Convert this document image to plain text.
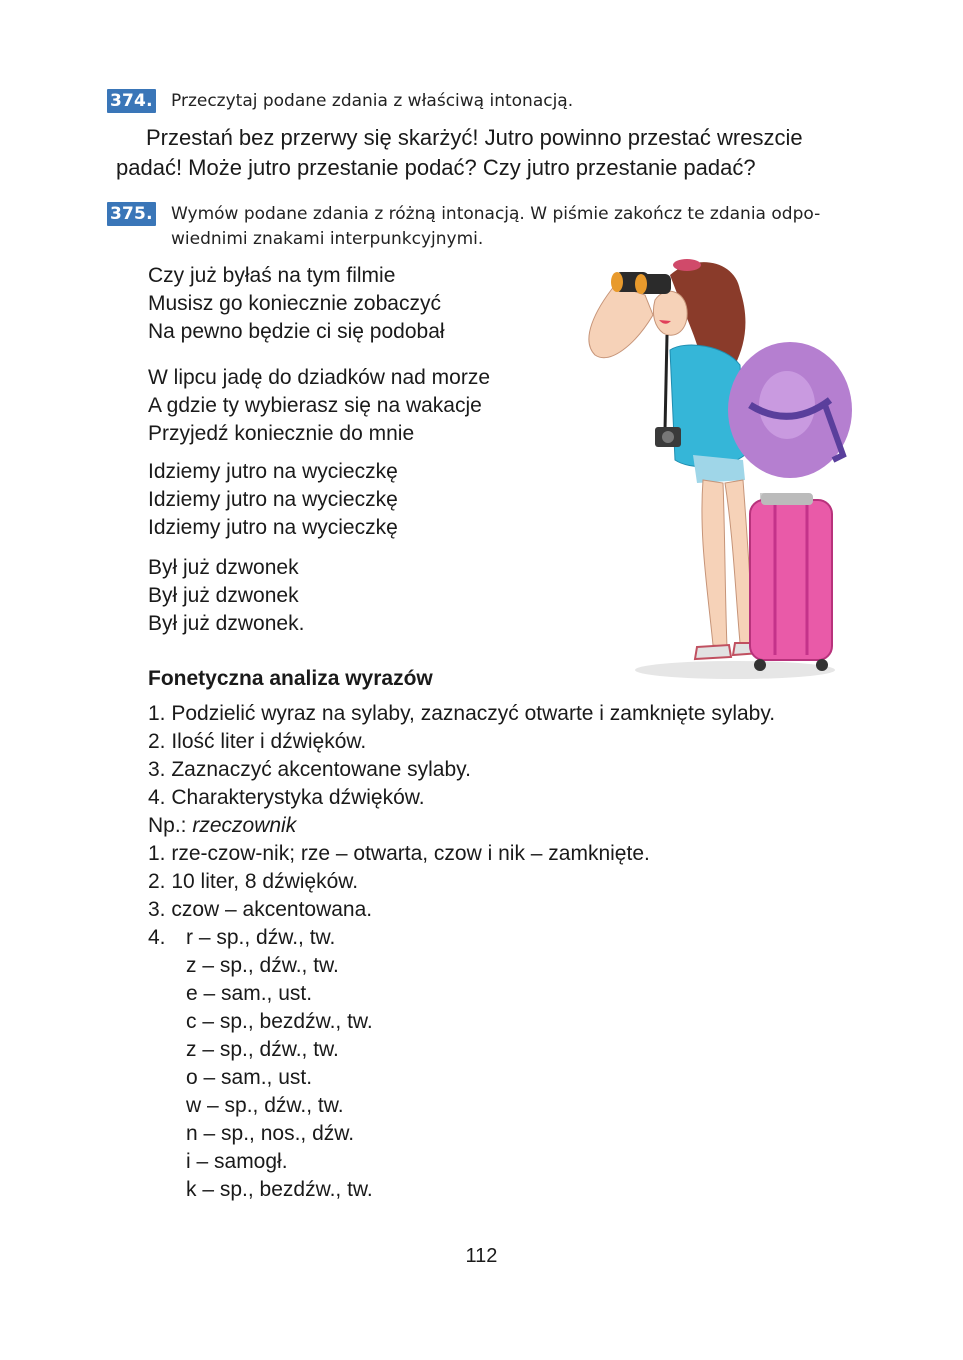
374. Przeczytaj podane zdania z właściwą intonacją.
Przestań bez przerwy się skarżyć! Jutro powinno przestać wreszcie
padać! Może jutro przestanie podać? Czy jutro przestanie padać?
375. Wymów podane zdania z różną intonacją. W piśmie zakończ te zdania odpo-
wiednimi znakami interpunkcyjnymi.
Czy już byłaś na tym filmie
Musisz go koniecznie zobaczyć
Na pewno będzie ci się podobał
W lipcu jadę do dziadków nad morze
A gdzie ty wybierasz się na wakacje
Przyjedź koniecznie do mnie
Idziemy jutro na wycieczkę
Idziemy jutro na wycieczkę
Idziemy jutro na wycieczkę
Był już dzwonek
Był już dzwonek
Był już dzwonek.
Fonetyczna analiza wyrazów
1. Podzielić wyraz na sylaby, zaznaczyć otwarte i zamknięte sylaby.
2. Ilość liter i dźwięków.
3. Zaznaczyć akcentowane sylaby.
4. Charakterystyka dźwięków.
Np.: rzeczownik
1. rze-czow-nik; rze – otwarta, czow i nik – zamknięte.
2. 10 liter, 8 dźwięków.
3. czow – akcentowana.
4. r – sp., dźw., tw.
z – sp., dźw., tw.
e – sam., ust.
c – sp., bezdźw., tw.
z – sp., dźw., tw.
o – sam., ust.
w – sp., dźw., tw.
n – sp., nos., dźw.
i – samogł.
k – sp., bezdźw., tw.
112
